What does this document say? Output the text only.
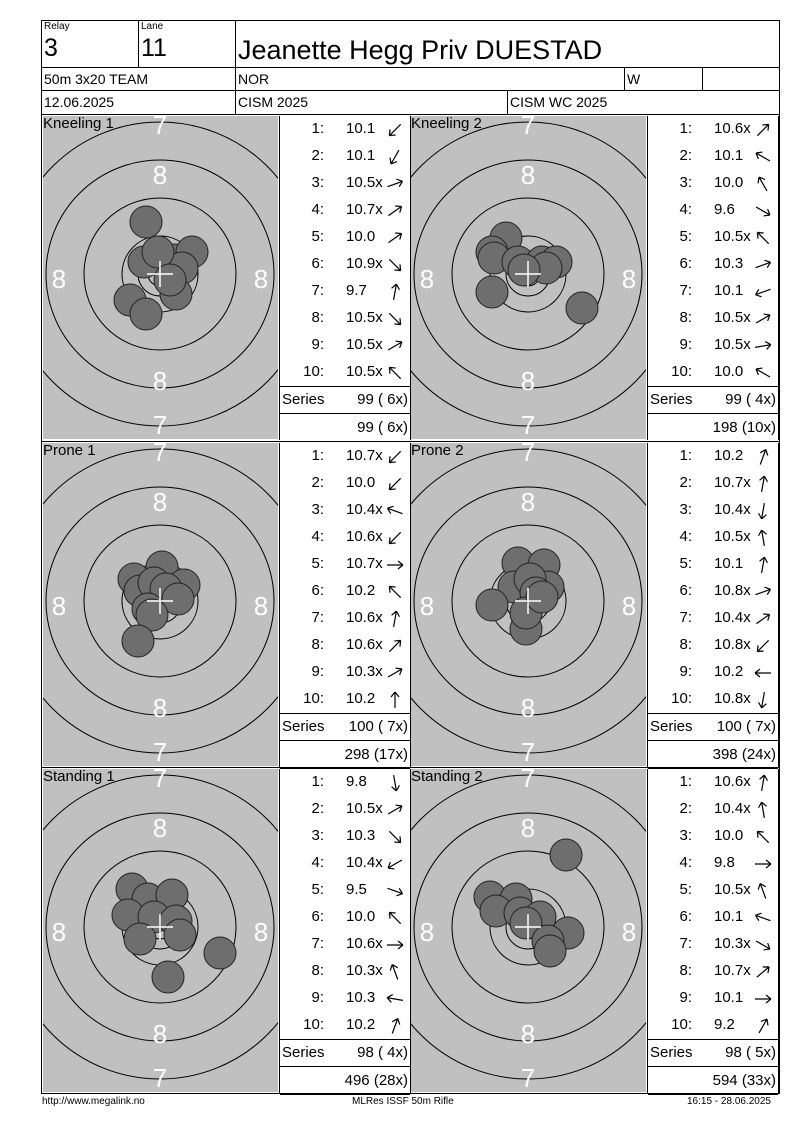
Relay
3
Lane
11	Jeanette Hegg Priv DUESTAD
50m 3x20 TEAM	NOR	W
12.06.2025	CISM 2025	CISM WC 2025
Kneeling 1 7
8
8
7
8	8
1: 10.1
2: 10.1
3: 10.5x
4: 10.7x
5: 10.0
6: 10.9x
7: 9.7
8: 10.5x
9: 10.5x
10: 10.5x
Series 99 ( 6x)
99 ( 6x)
Kneeling 2 7
8
8
7
8	8
1: 10.6x
2: 10.1
3: 10.0
4: 9.6
5: 10.5x
6: 10.3
7: 10.1
8: 10.5x
9: 10.5x
10: 10.0
Series 99 ( 4x)
198 (10x)
Prone 1 7
8
8
7
8	8
1: 10.7x
2: 10.0
3: 10.4x
4: 10.6x
5: 10.7x
6: 10.2
7: 10.6x
8: 10.6x
9: 10.3x
10: 10.2
Series 100 ( 7x)
298 (17x)
Prone 2 7
8
8
7
8	8
1: 10.2
2: 10.7x
3: 10.4x
4: 10.5x
5: 10.1
6: 10.8x
7: 10.4x
8: 10.8x
9: 10.2
10: 10.8x
Series 100 ( 7x)
398 (24x)
Standing 1 7
8
8
7
8	8
1: 9.8
2: 10.5x
3: 10.3
4: 10.4x
5: 9.5
6: 10.0
7: 10.6x
8: 10.3x
9: 10.3
10: 10.2
Series 98 ( 4x)
496 (28x)
Standing 2 7
8
8
7
8	8
1: 10.6x
2: 10.4x
3: 10.0
4: 9.8
5: 10.5x
6: 10.1
7: 10.3x
8: 10.7x
9: 10.1
10: 9.2
Series 98 ( 5x)
594 (33x)
http://www.megalink.no	MLRes ISSF 50m Rifle	16:15 - 28.06.2025
